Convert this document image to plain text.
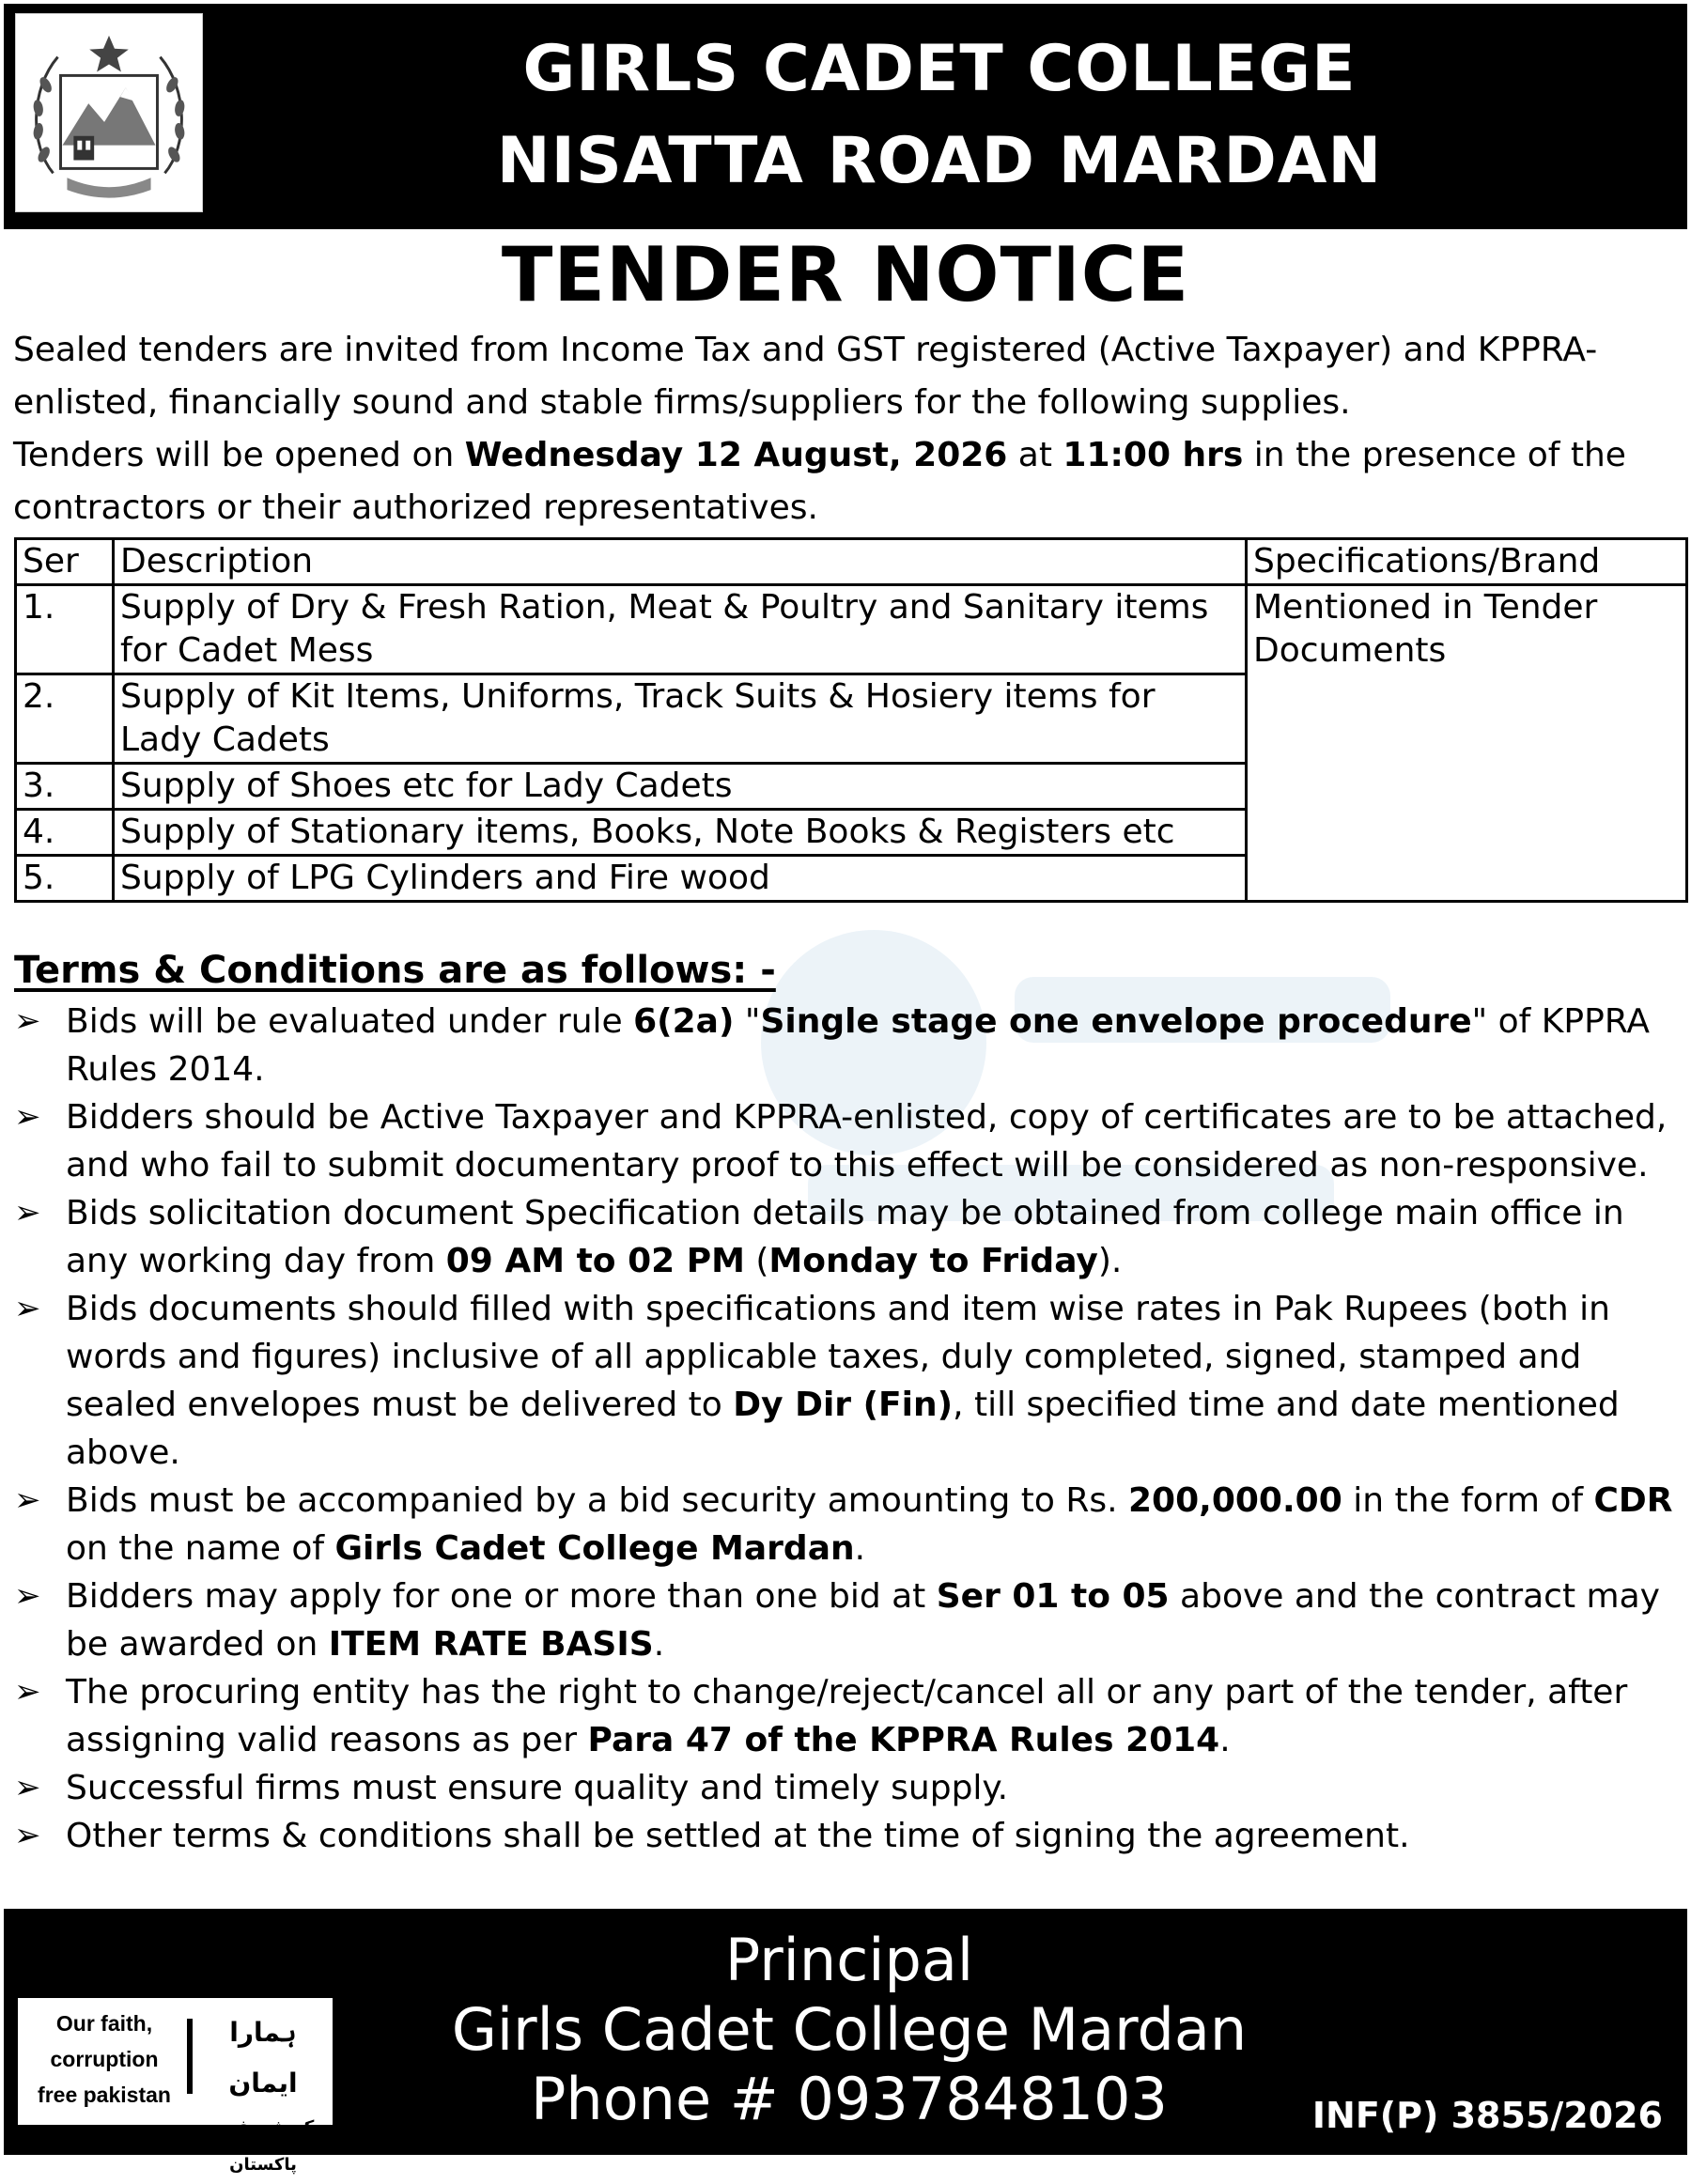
GIRLS CADET COLLEGE
NISATTA ROAD MARDAN
TENDER NOTICE

Sealed tenders are invited from Income Tax and GST registered (Active Taxpayer) and KPPRA-enlisted, financially sound and stable firms/suppliers for the following supplies.

Tenders will be opened on Wednesday 12 August, 2026 at 11:00 hrs in the presence of the contractors or their authorized representatives.

Ser	Description	Specifications/Brand
1.	Supply of Dry & Fresh Ration, Meat & Poultry and Sanitary items for Cadet Mess	Mentioned in Tender Documents
2.	Supply of Kit Items, Uniforms, Track Suits & Hosiery items for Lady Cadets	
3.	Supply of Shoes etc for Lady Cadets	
4.	Supply of Stationary items, Books, Note Books & Registers etc	
5.	Supply of LPG Cylinders and Fire wood	
Terms & Conditions are as follows: -
➢ Bids will be evaluated under rule 6(2a) "Single stage one envelope procedure" of KPPRA Rules 2014.
➢ Bidders should be Active Taxpayer and KPPRA-enlisted, copy of certificates are to be attached, and who fail to submit documentary proof to this effect will be considered as non-responsive.
➢ Bids solicitation document Specification details may be obtained from college main office in any working day from 09 AM to 02 PM (Monday to Friday).
➢ Bids documents should filled with specifications and item wise rates in Pak Rupees (both in words and figures) inclusive of all applicable taxes, duly completed, signed, stamped and sealed envelopes must be delivered to Dy Dir (Fin), till specified time and date mentioned above.
➢ Bids must be accompanied by a bid security amounting to Rs. 200,000.00 in the form of CDR on the name of Girls Cadet College Mardan.
➢ Bidders may apply for one or more than one bid at Ser 01 to 05 above and the contract may be awarded on ITEM RATE BASIS.
➢ The procuring entity has the right to change/reject/cancel all or any part of the tender, after assigning valid reasons as per Para 47 of the KPPRA Rules 2014.
➢ Successful firms must ensure quality and timely supply.
➢ Other terms & conditions shall be settled at the time of signing the agreement.
Our faith,
corruption
free pakistan
ہمارا ایمان
کرپشن فری پاکستان
Principal
Girls Cadet College Mardan
Phone # 0937848103	INF(P) 3855/2026
